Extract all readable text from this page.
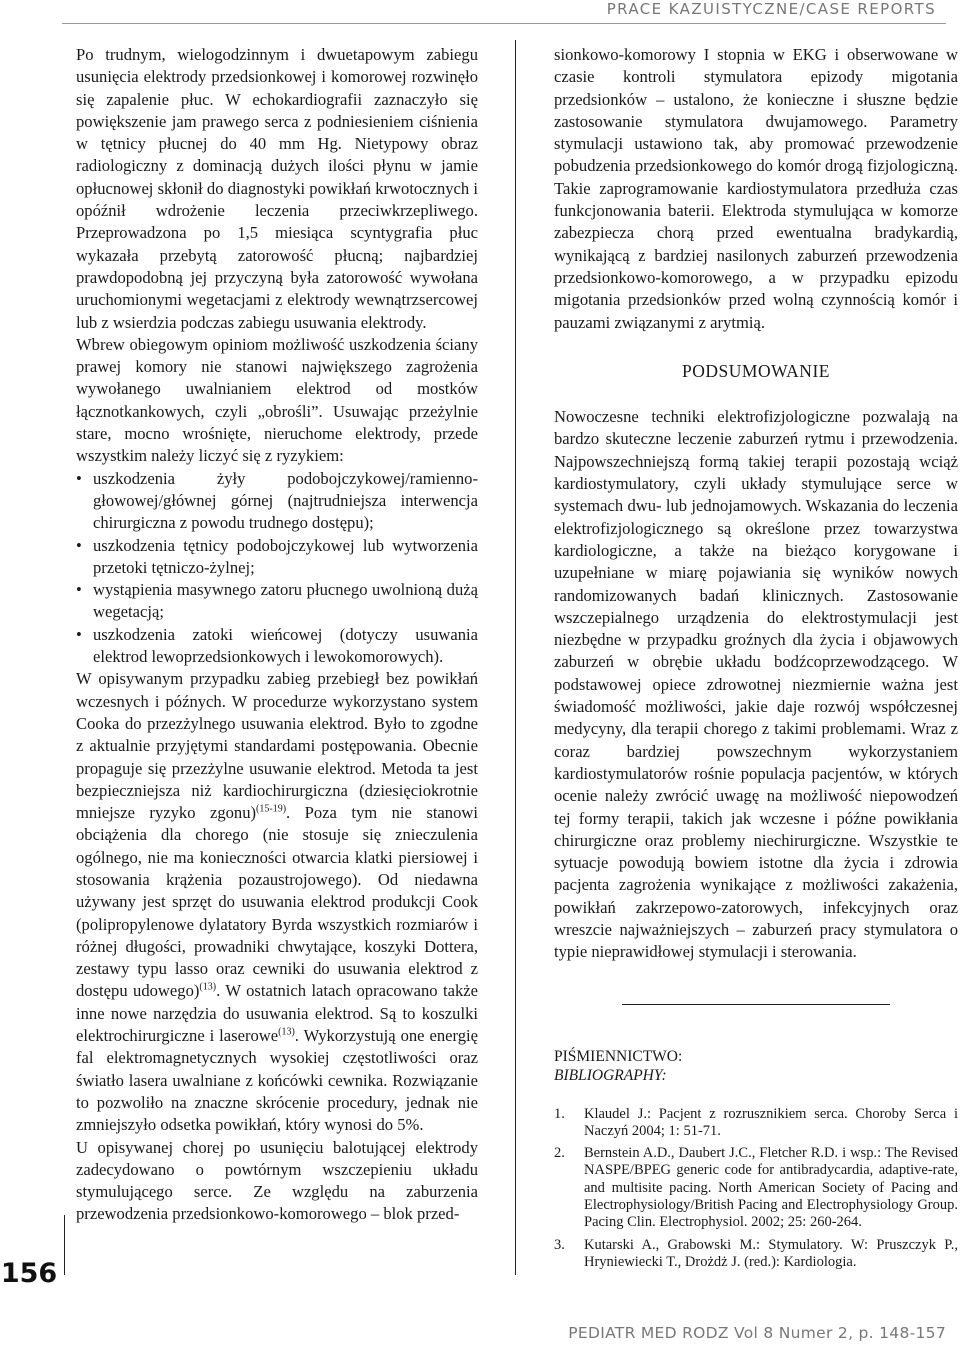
PRACE KAZUISTYCZNE/CASE REPORTS
156

Po trudnym, wielogodzinnym i dwuetapowym zabiegu usunięcia elektrody przedsionkowej i komorowej rozwinęło się zapalenie płuc. W echokardiografii zaznaczyło się powiększenie jam prawego serca z podniesieniem ciśnienia w tętnicy płucnej do 40 mm Hg. Nietypowy obraz radiologiczny z dominacją dużych ilości płynu w jamie opłucnowej skłonił do diagnostyki powikłań krwotocznych i opóźnił wdrożenie leczenia przeciwkrzepliwego. Przeprowadzona po 1,5 miesiąca scyntygrafia płuc wykazała przebytą zatorowość płucną; najbardziej prawdopodobną jej przyczyną była zatorowość wywołana uruchomionymi wegetacjami z elektrody wewnątrzsercowej lub z wsierdzia podczas zabiegu usuwania elektrody.

Wbrew obiegowym opiniom możliwość uszkodzenia ściany prawej komory nie stanowi największego zagrożenia wywołanego uwalnianiem elektrod od mostków łącznotkankowych, czyli „obrośli”. Usuwając przeżylnie stare, mocno wrośnięte, nieruchome elektrody, przede wszystkim należy liczyć się z ryzykiem:

• uszkodzenia żyły podobojczykowej/ramienno-głowowej/głównej górnej (najtrudniejsza interwencja chirurgiczna z powodu trudnego dostępu);
• uszkodzenia tętnicy podobojczykowej lub wytworzenia przetoki tętniczo-żylnej;
• wystąpienia masywnego zatoru płucnego uwolnioną dużą wegetacją;
• uszkodzenia zatoki wieńcowej (dotyczy usuwania elektrod lewoprzedsionkowych i lewokomorowych).

W opisywanym przypadku zabieg przebiegł bez powikłań wczesnych i późnych. W procedurze wykorzystano system Cooka do przezżylnego usuwania elektrod. Było to zgodne z aktualnie przyjętymi standardami postępowania. Obecnie propaguje się przezżylne usuwanie elektrod. Metoda ta jest bezpieczniejsza niż kardiochirurgiczna (dziesięciokrotnie mniejsze ryzyko zgonu)$^{(15-19)}$. Poza tym nie stanowi obciążenia dla chorego (nie stosuje się znieczulenia ogólnego, nie ma konieczności otwarcia klatki piersiowej i stosowania krążenia pozaustrojowego). Od niedawna używany jest sprzęt do usuwania elektrod produkcji Cook (polipropylenowe dylatatory Byrda wszystkich rozmiarów i różnej długości, prowadniki chwytające, koszyki Dottera, zestawy typu lasso oraz cewniki do usuwania elektrod z dostępu udowego)$^{(13)}$. W ostatnich latach opracowano także inne nowe narzędzia do usuwania elektrod. Są to koszulki elektrochirurgiczne i laserowe$^{(13)}$. Wykorzystują one energię fal elektromagnetycznych wysokiej częstotliwości oraz światło lasera uwalniane z końcówki cewnika. Rozwiązanie to pozwoliło na znaczne skrócenie procedury, jednak nie zmniejszyło odsetka powikłań, który wynosi do 5%.

U opisywanej chorej po usunięciu balotującej elektrody zadecydowano o powtórnym wszczepieniu układu stymulującego serce. Ze względu na zaburzenia przewodzenia przedsionkowo-komorowego – blok przed-

sionkowo-komorowy I stopnia w EKG i obserwowane w czasie kontroli stymulatora epizody migotania przedsionków – ustalono, że konieczne i słuszne będzie zastosowanie stymulatora dwujamowego. Parametry stymulacji ustawiono tak, aby promować przewodzenie pobudzenia przedsionkowego do komór drogą fizjologiczną. Takie zaprogramowanie kardiostymulatora przedłuża czas funkcjonowania baterii. Elektroda stymulująca w komorze zabezpiecza chorą przed ewentualna bradykardią, wynikającą z bardziej nasilonych zaburzeń przewodzenia przedsionkowo-komorowego, a w przypadku epizodu migotania przedsionków przed wolną czynnością komór i pauzami związanymi z arytmią.

PODSUMOWANIE

Nowoczesne techniki elektrofizjologiczne pozwalają na bardzo skuteczne leczenie zaburzeń rytmu i przewodzenia. Najpowszechniejszą formą takiej terapii pozostają wciąż kardiostymulatory, czyli układy stymulujące serce w systemach dwu- lub jednojamowych. Wskazania do leczenia elektrofizjologicznego są określone przez towarzystwa kardiologiczne, a także na bieżąco korygowane i uzupełniane w miarę pojawiania się wyników nowych randomizowanych badań klinicznych. Zastosowanie wszczepialnego urządzenia do elektrostymulacji jest niezbędne w przypadku groźnych dla życia i objawowych zaburzeń w obrębie układu bodźcoprzewodzącego. W podstawowej opiece zdrowotnej niezmiernie ważna jest świadomość możliwości, jakie daje rozwój współczesnej medycyny, dla terapii chorego z takimi problemami. Wraz z coraz bardziej powszechnym wykorzystaniem kardiostymulatorów rośnie populacja pacjentów, w których ocenie należy zwrócić uwagę na możliwość niepowodzeń tej formy terapii, takich jak wczesne i późne powikłania chirurgiczne oraz problemy niechirurgiczne. Wszystkie te sytuacje powodują bowiem istotne dla życia i zdrowia pacjenta zagrożenia wynikające z możliwości zakażenia, powikłań zakrzepowo-zatorowych, infekcyjnych oraz wreszcie najważniejszych – zaburzeń pracy stymulatora o typie nieprawidłowej stymulacji i sterowania.

PIŚMIENNICTWO:
BIBLIOGRAPHY:
1. Klaudel J.: Pacjent z rozrusznikiem serca. Choroby Serca i Naczyń 2004; 1: 51-71.
2. Bernstein A.D., Daubert J.C., Fletcher R.D. i wsp.: The Revised NASPE/BPEG generic code for antibradycardia, adaptive-rate, and multisite pacing. North American Society of Pacing and Electrophysiology/British Pacing and Electrophysiology Group. Pacing Clin. Electrophysiol. 2002; 25: 260-264.
3. Kutarski A., Grabowski M.: Stymulatory. W: Pruszczyk P., Hryniewiecki T., Drożdż J. (red.): Kardiologia.
PEDIATR MED RODZ Vol 8 Numer 2, p. 148-157
